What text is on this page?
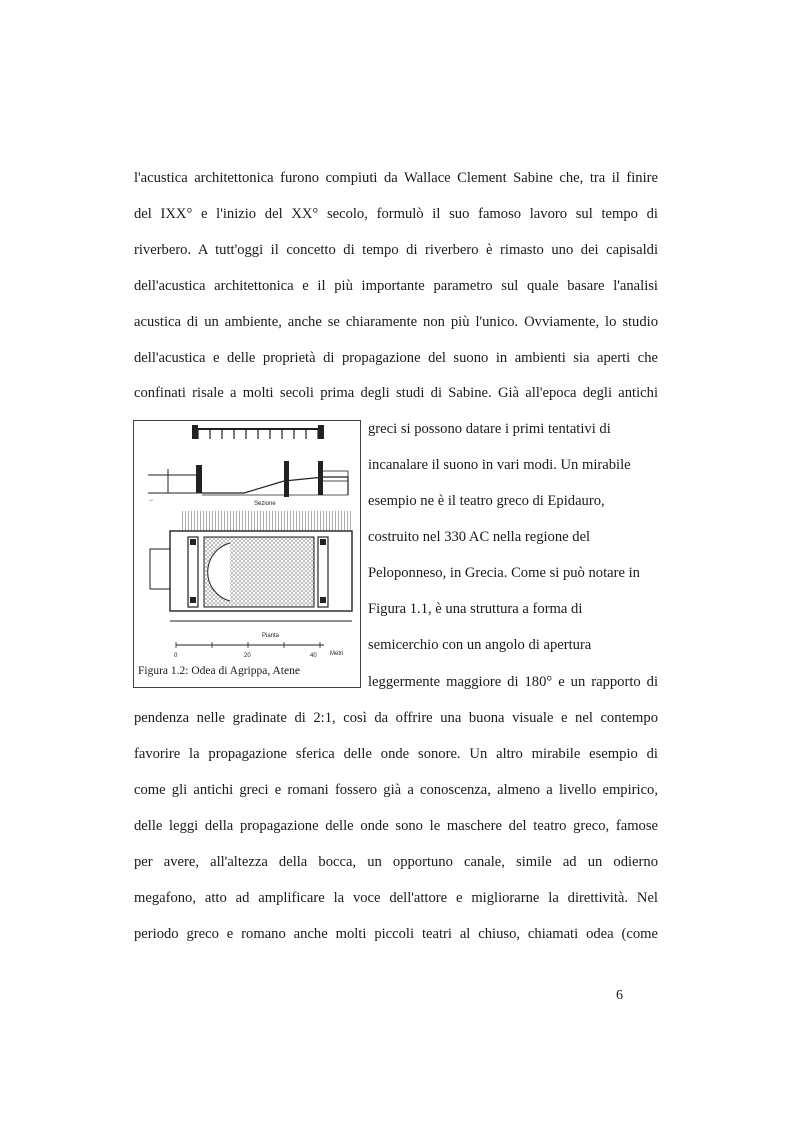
l'acustica architettonica furono compiuti da Wallace Clement Sabine che, tra il finire
del IXX° e l'inizio del XX° secolo, formulò il suo famoso lavoro sul tempo di
riverbero. A tutt'oggi il concetto di tempo di riverbero è rimasto uno dei capisaldi
dell'acustica architettonica e il più importante parametro sul quale basare l'analisi
acustica di un ambiente, anche se chiaramente non più l'unico. Ovviamente, lo studio
dell'acustica e delle proprietà di propagazione del suono in ambienti sia aperti che
confinati risale a molti secoli prima degli studi di Sabine. Già all'epoca degli antichi
greci si possono datare i primi tentativi di
incanalare il suono in vari modi. Un mirabile
esempio ne è il teatro greco di Epidauro,
costruito nel 330 AC nella regione del
Peloponneso, in Grecia. Come si può notare in
Figura 1.1, è una struttura a forma di
semicerchio con un angolo di apertura
leggermente maggiore di 180° e un rapporto di
pendenza nelle gradinate di 2:1, così da offrire una buona visuale e nel contempo
favorire la propagazione sferica delle onde sonore. Un altro mirabile esempio di
come gli antichi greci e romani fossero già a conoscenza, almeno a livello empirico,
delle leggi della propagazione delle onde sono le maschere del teatro greco, famose
per avere, all'altezza della bocca, un opportuno canale, simile ad un odierno
megafono, atto ad amplificare la voce dell'attore e migliorarne la direttività. Nel
periodo greco e romano anche molti piccoli teatri al chiuso, chiamati odea (come
→
Sezione
Pianta
0	20	40 Metri
Figura 1.2: Odea di Agrippa, Atene
6
